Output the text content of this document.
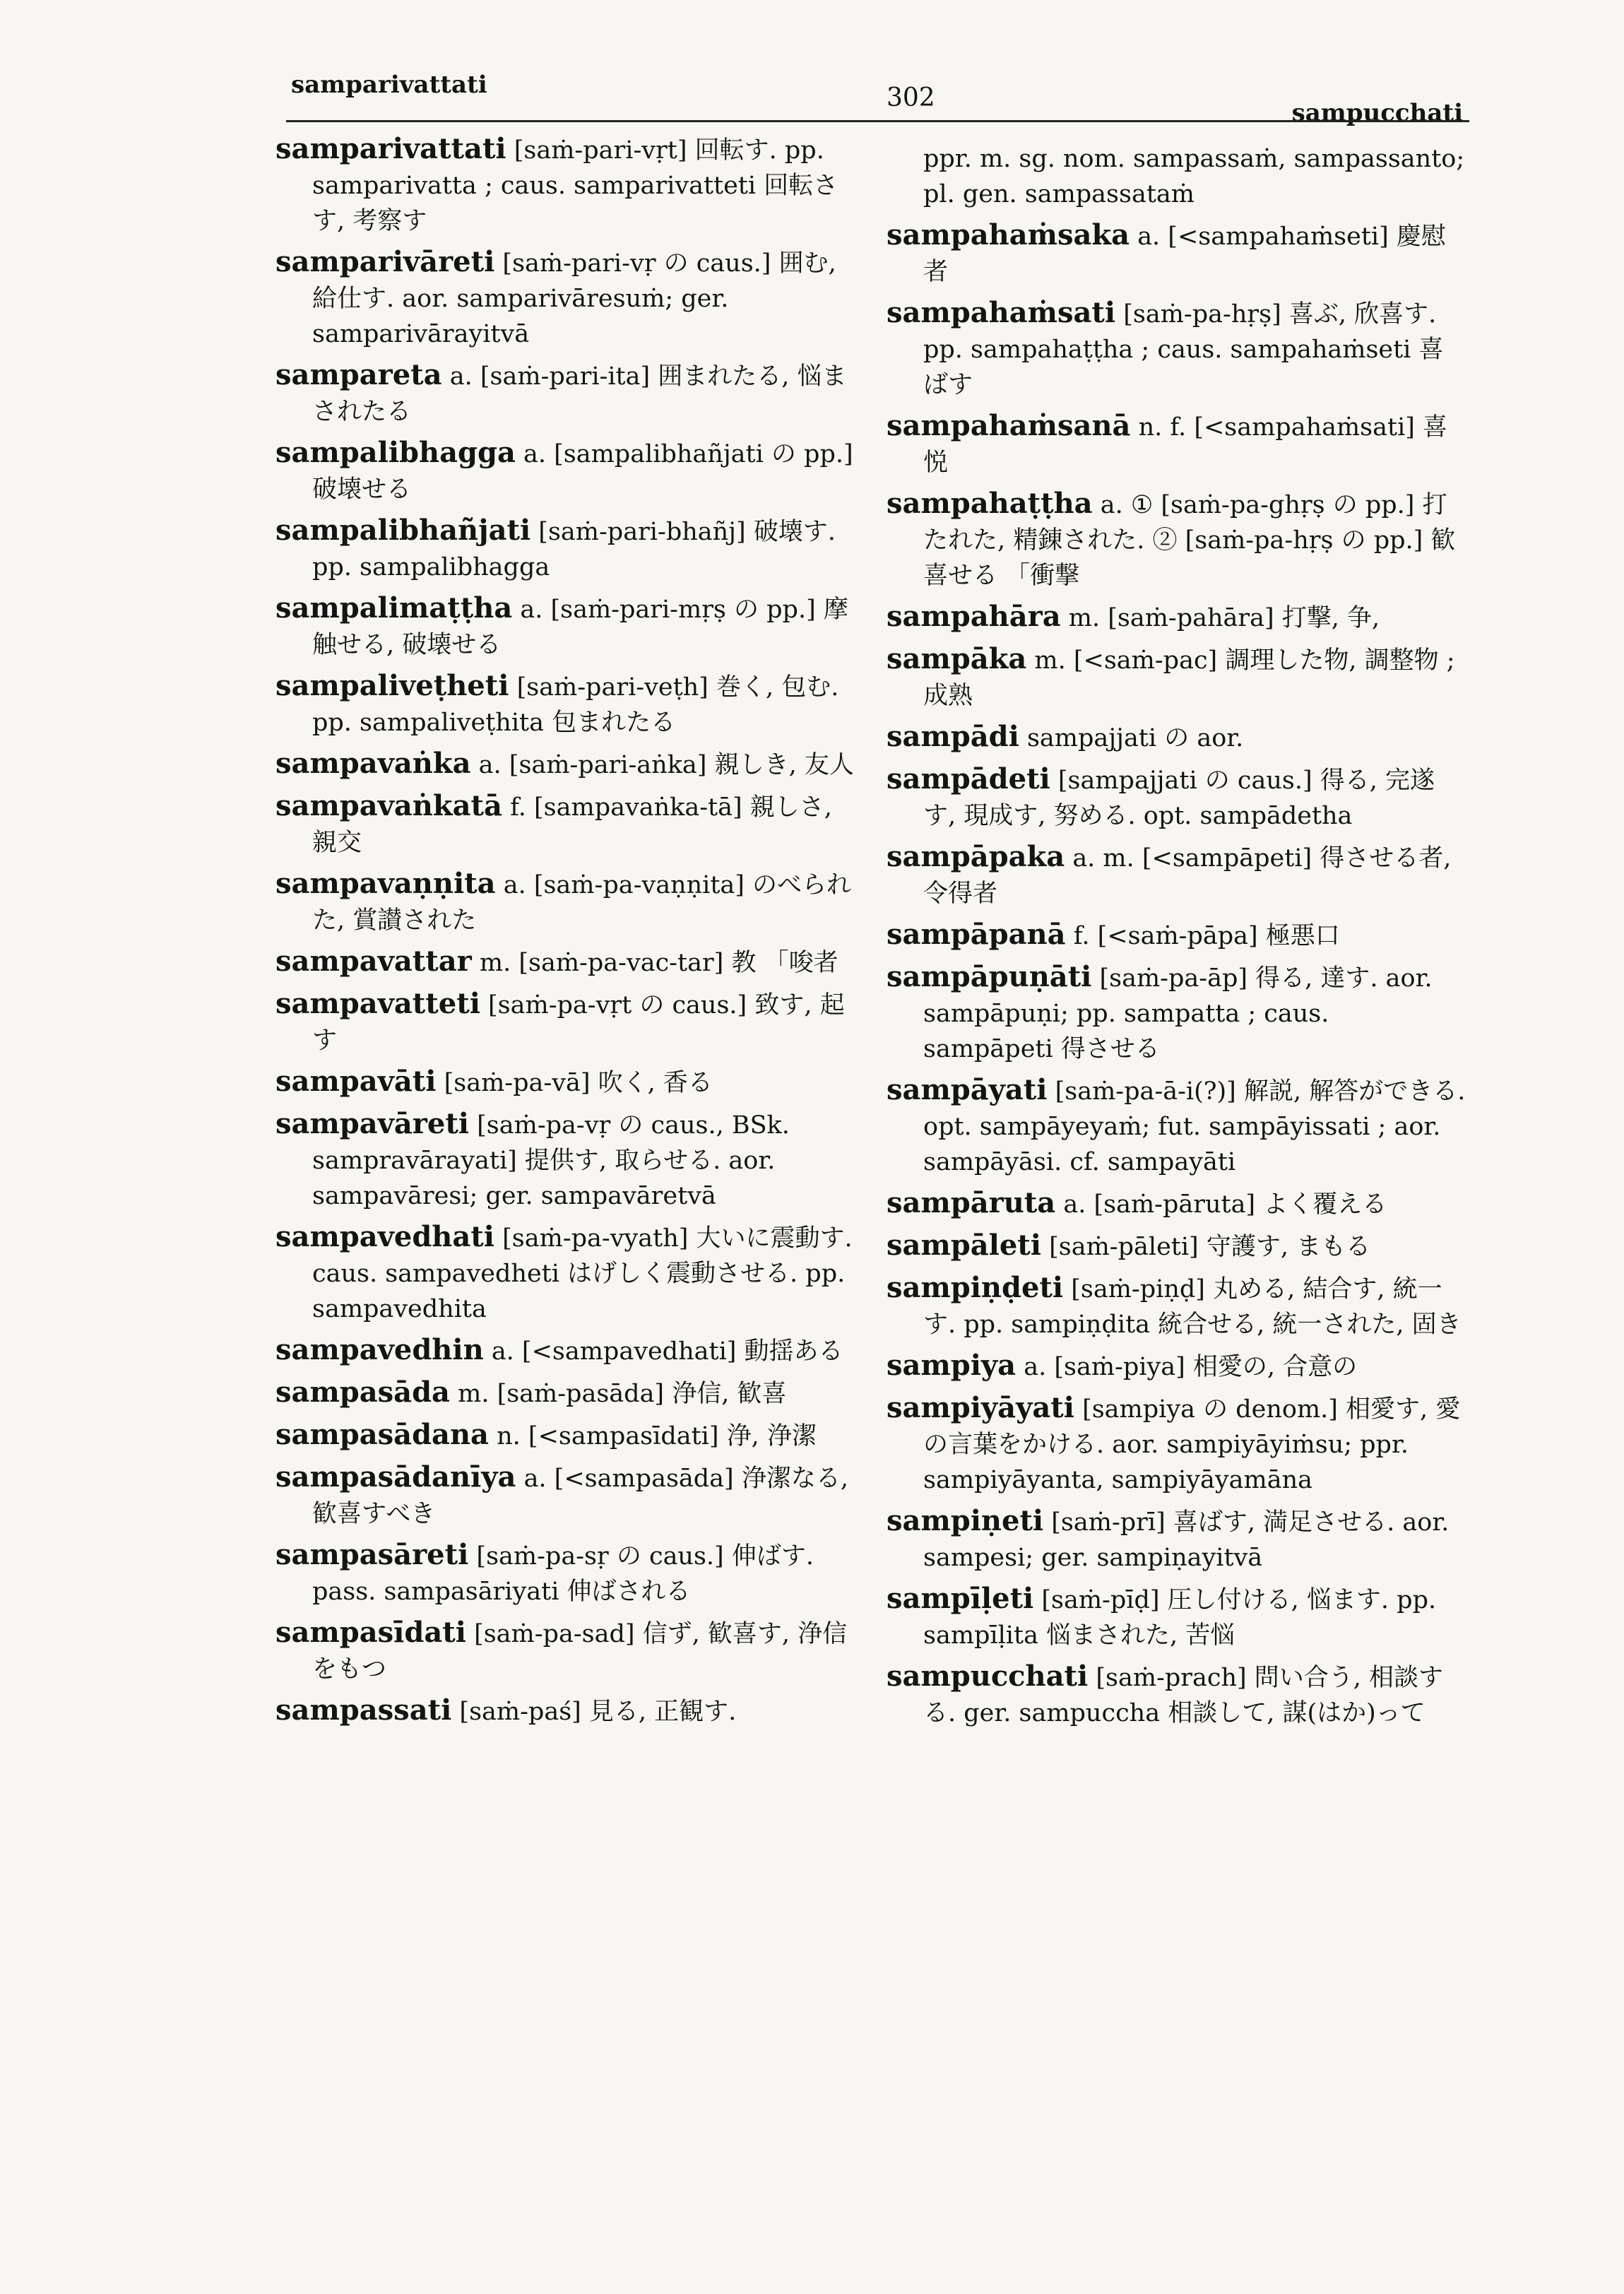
samparivattati	302
sampucchati

samparivattati [saṁ-pari-vṛt] 回転す. pp. samparivatta ; caus. samparivatteti 回転さす, 考察す

samparivāreti [saṁ-pari-vṛ の caus.] 囲む, 給仕す. aor. samparivāresuṁ; ger. samparivārayitvā

sampareta a. [saṁ-pari-ita] 囲まれたる, 悩まされたる

sampalibhagga a. [sampalibhañjati の pp.] 破壊せる

sampalibhañjati [saṁ-pari-bhañj] 破壊す. pp. sampalibhagga

sampalimaṭṭha a. [saṁ-pari-mṛṣ の pp.] 摩触せる, 破壊せる

sampaliveṭheti [saṁ-pari-veṭh] 巻く, 包む. pp. sampaliveṭhita 包まれたる

sampavaṅka a. [saṁ-pari-aṅka] 親しき, 友人

sampavaṅkatā f. [sampavaṅka-tā] 親しさ, 親交

sampavaṇṇita a. [saṁ-pa-vaṇṇita] のべられた, 賞讃された

sampavattar m. [saṁ-pa-vac-tar] 教 「唆者

sampavatteti [saṁ-pa-vṛt の caus.] 致す, 起す

sampavāti [saṁ-pa-vā] 吹く, 香る

sampavāreti [saṁ-pa-vṛ の caus., BSk. sampravārayati] 提供す, 取らせる. aor. sampavāresi; ger. sampavāretvā

sampavedhati [saṁ-pa-vyath] 大いに震動す. caus. sampavedheti はげしく震動させる. pp. sampavedhita

sampavedhin a. [<sampavedhati] 動揺ある

sampasāda m. [saṁ-pasāda] 浄信, 歓喜

sampasādana n. [<sampasīdati] 浄, 浄潔

sampasādanīya a. [<sampasāda] 浄潔なる, 歓喜すべき

sampasāreti [saṁ-pa-sṛ の caus.] 伸ばす. pass. sampasāriyati 伸ばされる

sampasīdati [saṁ-pa-sad] 信ず, 歓喜す, 浄信をもつ

sampassati [saṁ-paś] 見る, 正観す.

ppr. m. sg. nom. sampassaṁ, sampassanto; pl. gen. sampassataṁ

sampahaṁsaka a. [<sampahaṁseti] 慶慰者

sampahaṁsati [saṁ-pa-hṛṣ] 喜ぶ, 欣喜す. pp. sampahaṭṭha ; caus. sampahaṁseti 喜ばす

sampahaṁsanā n. f. [<sampahaṁsati] 喜悦

sampahaṭṭha a. ① [saṁ-pa-ghṛṣ の pp.] 打たれた, 精錬された. ② [saṁ-pa-hṛṣ の pp.] 歓喜せる 「衝撃

sampahāra m. [saṁ-pahāra] 打撃, 争,

sampāka m. [<saṁ-pac] 調理した物, 調整物 ; 成熟

sampādi sampajjati の aor.

sampādeti [sampajjati の caus.] 得る, 完遂す, 現成す, 努める. opt. sampādetha

sampāpaka a. m. [<sampāpeti] 得させる者, 令得者

sampāpanā f. [<saṁ-pāpa] 極悪口

sampāpuṇāti [saṁ-pa-āp] 得る, 達す. aor. sampāpuṇi; pp. sampatta ; caus. sampāpeti 得させる

sampāyati [saṁ-pa-ā-i(?)] 解説, 解答ができる. opt. sampāyeyaṁ; fut. sampāyissati ; aor. sampāyāsi. cf. sampayāti

sampāruta a. [saṁ-pāruta] よく覆える

sampāleti [saṁ-pāleti] 守護す, まもる

sampiṇḍeti [saṁ-piṇḍ] 丸める, 結合す, 統一す. pp. sampiṇḍita 統合せる, 統一された, 固き

sampiya a. [saṁ-piya] 相愛の, 合意の

sampiyāyati [sampiya の denom.] 相愛す, 愛の言葉をかける. aor. sampiyāyiṁsu; ppr. sampiyāyanta, sampiyāyamāna

sampiṇeti [saṁ-prī] 喜ばす, 満足させる. aor. sampesi; ger. sampiṇayitvā

sampīḷeti [saṁ-pīḍ] 圧し付ける, 悩ます. pp. sampīḷita 悩まされた, 苦悩

sampucchati [saṁ-prach] 問い合う, 相談する. ger. sampuccha 相談して, 謀(はか)って
